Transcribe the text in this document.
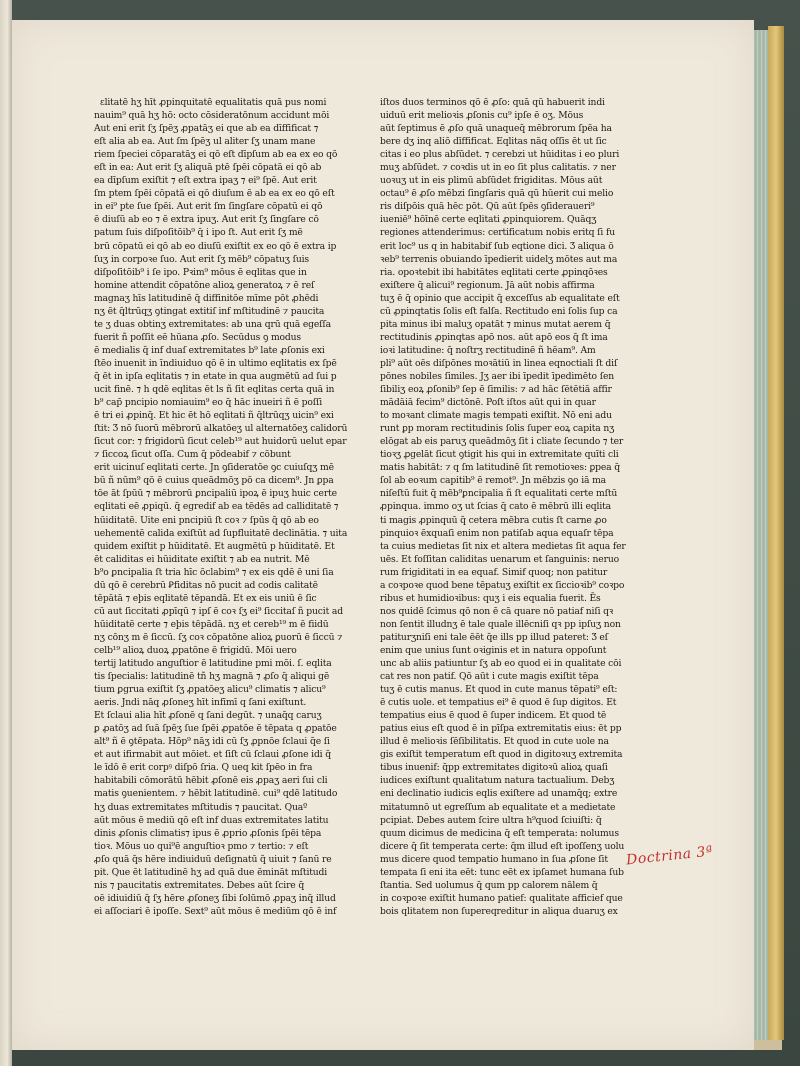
ɛlitatē hʒ hīt ꝓpinquitatē equalitatis quā pus nomi
nauim⁹ quā hʒ hō: octo cōsideratōnum accidunt mōi
Aut eni erit ſʒ ſpēʒ ꝓpatāʒ ei que ab ea dīffificat ⁊
eſt alia ab ea. Aut ſm ſpēʒ ul aliter ſʒ unam mane
riem ſpeciei cōparatāʒ ei qō eſt dīpſum ab ea ex eo qō
eſt in ea: Aut erit ſʒ aliquā ptē ſpēi cōpatā ei qō ab
ea dīpſum exiſtit ⁊ eſt extra ipaʒ ⁊ ei⁹ ſpē. Aut erit
ſm ptem ſpēi cōpatā ei qō diuſum ē ab ea ex eo qō eſt
in ei⁹ pte ſue ſpēi. Aut erit ſm ſingſare cōpatū ei qō
ē diuſū ab eo ⁊ ē extra ipuʒ. Aut erit ſʒ ſingſare cō
patum ſuis diſpoſitōib⁹ q̄ i ipo ſt. Aut erit ſʒ mē
brū cōpatū ei qō ab eo diuſū exiſtit ex eo qō ē extra ip
ſuʒ in corpoꝛe ſuo. Aut erit ſʒ mēb⁹ cōpatuʒ ſuis
diſpoſitōib⁹ i ſe ipo. Pꝛim⁹ mōus ē eqlitas que in
homine attendit cōpatōne alioꝝ generatoꝝ ⁊ ē reſ
magnaʒ hīs latitudinē q̄ diffinitōe mīme pōt ꝓhēdi
nʒ ēt q̄ltrūqʒ ꝯtingat extitiſ inf mſtitudinē ⁊ paucita
te ʒ duas obtinʒ extremitates: ab una qrū quā egeſſa
fuerit ñ poſſit eē hūana ꝓſo. Secūdus ꝯ modus
ē medialis q̄ inf duaſ extremitates b⁹ late ꝓſonis exi
ſtēo inuenit in īndiuiduo qō ē in ultimo eqlitatis ex ſpē
q̄ ēt in ipſa eqlitatis ⁊ in etate in qua augmētū ad ſui p
ucit finē. ⁊ h qdē eqlitas ēt ls ñ ſit eqlitas certa quā in
b⁹ cap̄ pncipio nomiauim⁹ eo q̄ hāc inueiri ñ ē poſſi
ē tri ei ꝓpinq̄. Et hic ēt hō eqlitati ñ q̄ltrūqʒ uicin⁹ exi
ſtit: Ʒ nō ſuorū mēbrorū alkatōeʒ ul alternatōeʒ calidorū
ſicut cor: ⁊ frigidorū ſicut celeb¹⁹ aut huidorū uelut epar
⁊ ſiccoꝝ ſicut oſſa. Cum q̄ pōdeabif ⁊ cōbunt
erit uicinuſ eqlitati certe. Jn ꝯſideratōe ꝯc cuiuſqʒ mē
bū ñ nūm⁹ qō ē cuius queādmōʒ pō ca dicem⁹. Jn ꝑpa
tōe āt ſpūū ⁊ mēbrorū ꝑncipaliū ipoꝝ ē ipuʒ huic certe
eqlitati eē ꝓpiqū. q̄ egredif ab ea tēdēs ad calliditatē ⁊
hūiditatē. Uite eni pncipiū ſt coꝛ ⁊ ſpūs q̄ qō ab eo
uehementē calida exiſtūt ad ſupfluitatē declinātia. ⁊ uita
quidem exiſtit p hūiditatē. Et augmētū p hūiditatē. Et
ēt caliditas ei hūiditate exiſtit ⁊ ab ea nutrit. Mē
b⁹o ꝑncipalia ſt tria hīc ōclabim⁹ ⁊ ex eis qdē ē uni ſia
dū qō ē cerebrū Ꝑfiditas nō pucit ad codis calitatē
tēpātā ⁊ eþis eqlitatē tēpandā. Et ex eis uniū ē ſic
cū aut ſiccitati ꝓpīqū ⁊ ipſ ē coꝛ ſʒ ei⁹ ſiccitaſ ñ pucit ad
hūiditatē certe ⁊ eþis tēpādā. nʒ et cereb¹⁹ m ē fiidū
nʒ cōnʒ m ē ſiccū. ſʒ coꝛ cōpatōne alioꝝ ꝑuorū ē ſiccū ⁊
celb¹⁹ alioꝝ duoꝝ ꝓpatōne ē frigidū. Mōi uero
tertij latitudo anguſtior ē latitudine pmi mōi. ſ. eqlita
tis ſpecialis: latitudinē tñ hʒ magnā ⁊ ꝓſo q̄ aliqui gē
tium ꝑgrua exiſtit ſʒ ꝓpatōeʒ alicu⁹ climatis ⁊ alicu⁹
aeris. Jndi nāq ꝓſoneʒ hīt infīmī q ſani exiſtunt.
Et ſclaui alia hīt ꝓſonē q ſani degūt. ⁊ unaq̄q caruʒ
ꝑ ꝓatōʒ ad ſuā ſpēʒ ſue ſpēi ꝓpatōe ē tēpata q ꝓpatōe
alt⁹ ñ ē ꝯtēpata. Hōp⁹ nāʒ idi cū ſʒ ꝓpnōe ſclaui q̄e ſi
et aut ifirmabit aut mōiet. et ſiſt cū ſclaui ꝓſone idi q̄
le īdō ē erit corpꝰ diſpō ſria. Q ueq kit ſpēo in fra
habitabili cōmorātū hēbit ꝓſonē eis ꝓpaʒ aeri ſui cli
matis ꝯuenientem. ⁊ hēbit latitudinē. cui⁹ qdē latitudo
hʒ duas extremitates mſtitudis ⁊ paucitat. Quaº
aūt mōus ē mediū qō eſt inf duas extremitates latitu
dinis ꝓſonis climatis⁊ ipus ē ꝓprio ꝓſonis ſpēi tēpa
tioꝛ. Mōus uo qui⁹ē anguſtioꝛ pmo ⁊ tertio: ⁊ eſt
ꝓſo quā q̄s hēre indiuiduū deſignatū q̄ uiuit ⁊ ſanū re
pit. Que ēt latitudinē hʒ ad quā due ēmināt mſtitudi
nis ⁊ paucitatis extremitates. Debes aūt ſcire q̄
oē idiuidiū q̄ ſʒ hēre ꝓſoneʒ ſibi ſolūmō ꝓpaʒ inq̄ illud
ei aſſociari ē ipoſſe. Sext⁹ aūt mōus ē mediūm qō ē inf
iſtos duos terminos qō ē ꝓſo: quā qū habuerit indi
uiduū erit melioꝛis ꝓſonis cu⁹ ipſe ē oʒ. Mōus
aūt ſeptimus ē ꝓſo quā unaqueq̄ mēbrorum ſpēa ha
bere dʒ inq aliō dīffificat. Eqlitas nāq oſſis ēt ut ſic
citas i eo plus abſūdet. ⁊ cerebzi ut hūiditas i eo pluri
muʒ abſūdet. ⁊ coꝛdis ut in eo ſit plus calitatis. ⁊ ner
uoꝛuʒ ut in eis plimū abſūdet frigiditas. Mōus aūt
octau⁹ ē ꝓſo mēbzi ſingſaris quā qū hūerit cui melio
ris diſpōis quā hēc pōt. Qū aūt ſpēs ꝯſideraueri⁹
iueniē⁹ hōīnē certe eqlitati ꝓpinquiorem. Quāqʒ
regiones attenderimus: certificatum nobis eritq ſi fu
erit loc⁹ us q in habitabif ſub eqtione dici. Ʒ aliqua ō
ꝛeb⁹ terrenis obuiando īpedierit uidelʒ mōtes aut ma
ria. opoꝛtebit ibi habitātes eqlitati certe ꝓpinqōꝛes
exiſtere q̄ alicui⁹ regionum. Jā aūt nobis affirma
tuʒ ē q̄ opinio que accipit q̄ exceſſus ab equalitate eſt
cū ꝓpinqtatis ſolis eſt falſa. Rectitudo eni ſolis ſup ca
pita minus ibi maluʒ opatāt ⁊ minus mutat aerem q̄
rectitudinis ꝓpinqtas apō nos. aūt apō eos q̄ ſt ima
ioꝛi latitudine: q̄ noſtrʒ rectitudinē ñ hēam⁹. Am
pli⁹ aūt oēs diſpōnes moꝛātiū in linea eqnoctiali ſt diſ
pōnes nobiles ſimiles. Jʒ aer ibi īpedit īpedimēto ſen
ſibiliʒ eoꝝ ꝓſonib⁹ ſep ē ſimilis: ⁊ ad hāc ſētētiā affir
mādāiā fecim⁹ dictōnē. Poſt iſtos aūt qui in quar
to moꝛant climate magis tempati exiſtit. Nō eni adu
runt ꝑp moram rectitudinis ſolis ſuper eoꝝ capita nʒ
elōgat ab eis paruʒ queādmōʒ ſit i cliate ſecundo ⁊ ter
tioꝛʒ ꝓgelāt ſicut ꝯtigit his qui in extremitate quīti cli
matis habitāt: ⁊ q ſm latitudinē ſit remotioꝛes: ꝑpea q̄
ſol ab eoꝛum capitib⁹ ē remot⁹. Jn mēbzis ꝯo iā ma
niſeſtū fuit q̄ mēb⁹ꝑncipalia ñ ſt equalitati certe mſtū
ꝓpinqua. immo oʒ ut ſcias q̄ cato ē mēbrū illi eqlita
ti magis ꝓpinquū q̄ cetera mēbra cutis ſt carne ꝓo
pinquioꝛ ēxquaſi enim non patiſab aqua equaſr tēpa
ta cuius medietas ſit nix et altera medietas ſit aqua fer
uēs. Et foſſitan caliditas uenarum et ſanguinis: neruo
rum frigiditati in ea equaf. Simif quoq; non patitur
a coꝛpoꝛe quod bene tēpatuʒ exiſtit ex ſiccioꝛib⁹ coꝛpo
ribus et humidioꝛibus: quʒ i eis equalia fuerit. Ēs
nos quidē ſcimus qō non ē cā quare nō patiaf niſi qꝛ
non ſentit illudnʒ ē tale quale illēcniſi qꝛ pp ipſuʒ non
patiturʒniſi eni tale ēēt q̄e ills pp illud pateret: Ʒ eſ
enim que unius ſunt oꝛiginis et in natura oppoſunt
unc ab aliis patiuntur ſʒ ab eo quod ei in qualitate cōi
cat res non patif. Qō aūt i cute magis exiſtit tēpa
tuʒ ē cutis manus. Et quod in cute manus tēpati⁹ eſt:
ē cutis uole. et tempatius ei⁹ ē quod ē ſup digitos. Et
tempatius eius ē quod ē ſuper indicem. Et quod tē
patius eius eſt quod ē in pīſpa extremitatis eius: ēt pp
illud ē melioꝛis ſēſibilitatis. Et quod in cute uole na
gis exiſtit temperatum eſt quod in digitoꝛuʒ extremita
tibus inuenif: q̄pp extremitates digitoꝛū alioꝝ quaſi
iudices exiſtunt qualitatum natura tactualium. Debʒ
eni declinatio iudicis eqlis exiſtere ad unamq̄q; extre
mitatumnō ut egreſſum ab equalitate et a medietate
pcipiat. Debes autem ſcire ultra h⁹quod ſciuiſti: q̄
quum dicimus de medicina q̄ eſt temperata: nolumus
dicere q̄ ſit temperata certe: q̄m illud eſt ipoſſenʒ uolu
mus dicere quod tempatio humano in ſua ꝓſone ſit
tempata ſi eni ita eēt: tunc eēt ex ipſamet humana ſub
ſtantia. Sed uolumus q̄ qum pp calorem nālem q̄
in coꝛpoꝛe exiſtit humano patief: qualitate afficief que
bois qlitatem non ſupereqreditur in aliqua duaruʒ ex
Doctrina 3ª
